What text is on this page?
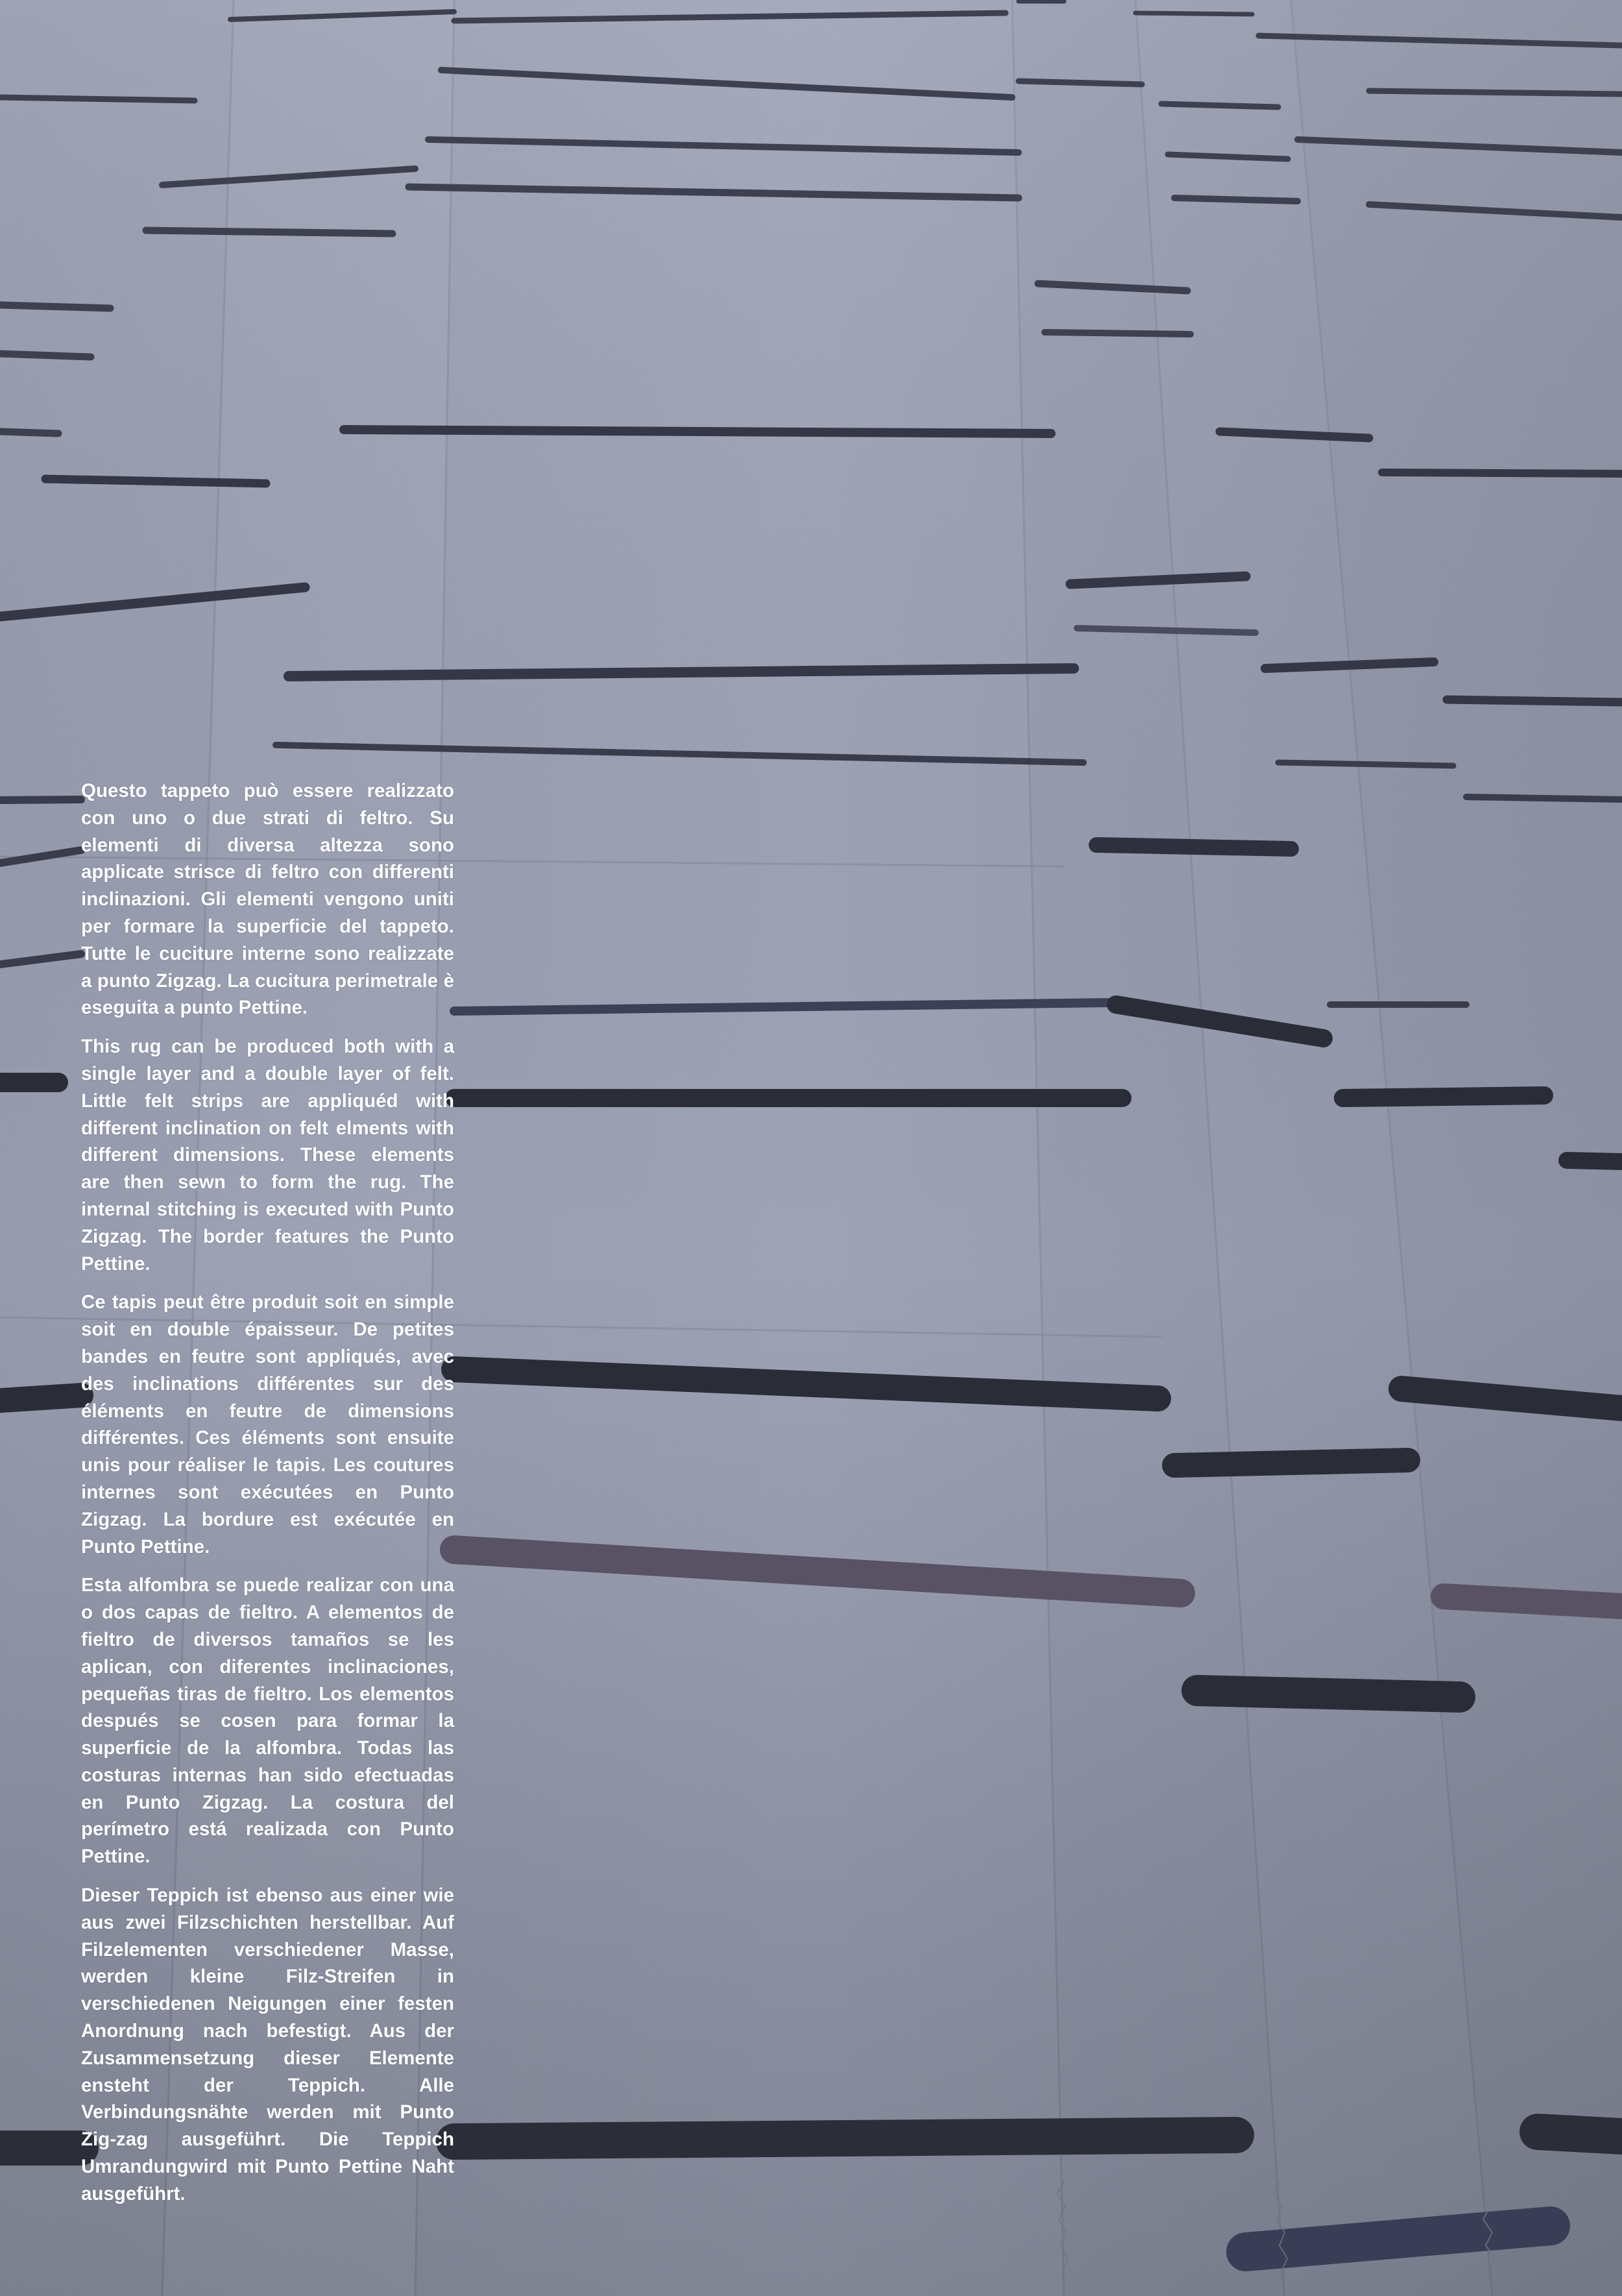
Questo tappeto può essere realizzato con uno o due strati di feltro. Su elementi di diversa altezza sono applicate strisce di feltro con differenti inclinazioni. Gli elementi vengono uniti per formare la superficie del tappeto. Tutte le cuciture interne sono realizzate a punto Zigzag. La cucitura perimetrale è eseguita a punto Pettine.

This rug can be produced both with a single layer and a double layer of felt. Little felt strips are appliquéd with different inclination on felt elments with different dimensions. These elements are then sewn to form the rug. The internal stitching is executed with Punto Zigzag. The border features the Punto Pettine.

Ce tapis peut être produit soit en simple soit en double épaisseur. De petites bandes en feutre sont appliqués, avec des inclinations différentes sur des éléments en feutre de dimensions différentes. Ces éléments sont ensuite unis pour réaliser le tapis. Les coutures internes sont exécutées en Punto Zigzag. La bordure est exécutée en Punto Pettine.

Esta alfombra se puede realizar con una o dos capas de fieltro. A elementos de fieltro de diversos tamaños se les aplican, con diferentes inclinaciones, pequeñas tiras de fieltro. Los elementos después se cosen para formar la superficie de la alfombra. Todas las costuras internas han sido efectuadas en Punto Zigzag. La costura del perímetro está realizada con Punto Pettine.

Dieser Teppich ist ebenso aus einer wie aus zwei Filzschichten herstellbar. Auf Filzelementen verschiedener Masse, werden kleine Filz-Streifen in verschiedenen Neigungen einer festen Anordnung nach befestigt. Aus der Zusammensetzung dieser Elemente ensteht der Teppich. Alle Verbindungsnähte werden mit Punto Zig-zag ausgeführt. Die Teppich Umrandungwird mit Punto Pettine Naht ausgeführt.
